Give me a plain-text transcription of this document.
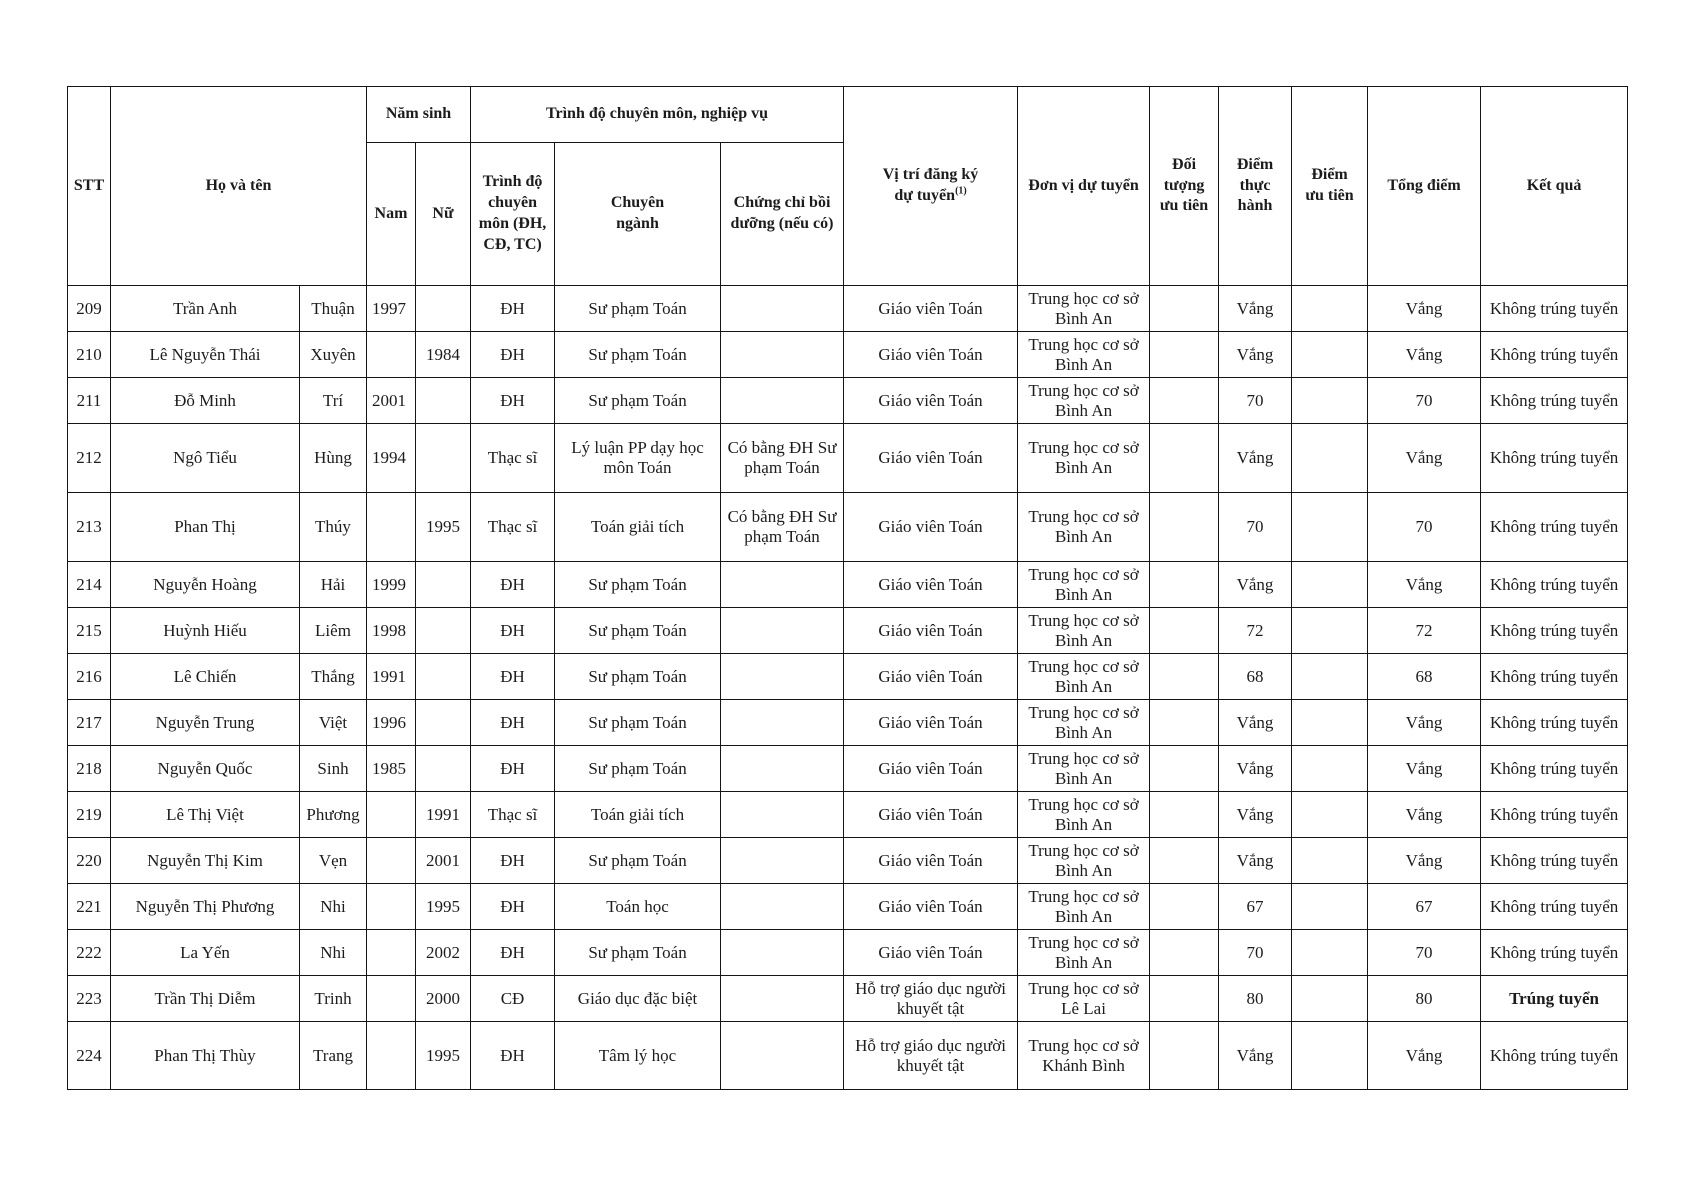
STT	Họ và tên		Năm sinh		Trình độ chuyên môn, nghiệp vụ			Vị trí đăng ký dự tuyển$^{(1)}$	Đơn vị dự tuyển	Đối tượng ưu tiên	Điểm thực hành	Điểm ưu tiên	Tổng điểm	Kết quả
			Nam	Nữ	Trình độ chuyên môn (ĐH, CĐ, TC)	Chuyên ngành	Chứng chỉ bồi dưỡng (nếu có)							
209	Trần Anh	Thuận	1997		ĐH	Sư phạm Toán		Giáo viên Toán	Trung học cơ sở Bình An		Vắng		Vắng	Không trúng tuyển
210	Lê Nguyễn Thái	Xuyên		1984	ĐH	Sư phạm Toán		Giáo viên Toán	Trung học cơ sở Bình An		Vắng		Vắng	Không trúng tuyển
211	Đỗ Minh	Trí	2001		ĐH	Sư phạm Toán		Giáo viên Toán	Trung học cơ sở Bình An		70		70	Không trúng tuyển
212	Ngô Tiểu	Hùng	1994		Thạc sĩ	Lý luận PP dạy học môn Toán	Có bằng ĐH Sư phạm Toán	Giáo viên Toán	Trung học cơ sở Bình An		Vắng		Vắng	Không trúng tuyển
213	Phan Thị	Thúy		1995	Thạc sĩ	Toán giải tích	Có bằng ĐH Sư phạm Toán	Giáo viên Toán	Trung học cơ sở Bình An		70		70	Không trúng tuyển
214	Nguyễn Hoàng	Hải	1999		ĐH	Sư phạm Toán		Giáo viên Toán	Trung học cơ sở Bình An		Vắng		Vắng	Không trúng tuyển
215	Huỳnh Hiếu	Liêm	1998		ĐH	Sư phạm Toán		Giáo viên Toán	Trung học cơ sở Bình An		72		72	Không trúng tuyển
216	Lê Chiến	Thắng	1991		ĐH	Sư phạm Toán		Giáo viên Toán	Trung học cơ sở Bình An		68		68	Không trúng tuyển
217	Nguyễn Trung	Việt	1996		ĐH	Sư phạm Toán		Giáo viên Toán	Trung học cơ sở Bình An		Vắng		Vắng	Không trúng tuyển
218	Nguyễn Quốc	Sinh	1985		ĐH	Sư phạm Toán		Giáo viên Toán	Trung học cơ sở Bình An		Vắng		Vắng	Không trúng tuyển
219	Lê Thị Việt	Phương		1991	Thạc sĩ	Toán giải tích		Giáo viên Toán	Trung học cơ sở Bình An		Vắng		Vắng	Không trúng tuyển
220	Nguyễn Thị Kim	Vẹn		2001	ĐH	Sư phạm Toán		Giáo viên Toán	Trung học cơ sở Bình An		Vắng		Vắng	Không trúng tuyển
221	Nguyễn Thị Phương	Nhi		1995	ĐH	Toán học		Giáo viên Toán	Trung học cơ sở Bình An		67		67	Không trúng tuyển
222	La Yến	Nhi		2002	ĐH	Sư phạm Toán		Giáo viên Toán	Trung học cơ sở Bình An		70		70	Không trúng tuyển
223	Trần Thị Diễm	Trinh		2000	CĐ	Giáo dục đặc biệt		Hỗ trợ giáo dục người khuyết tật	Trung học cơ sở Lê Lai		80		80	Trúng tuyển
224	Phan Thị Thùy	Trang		1995	ĐH	Tâm lý học		Hỗ trợ giáo dục người khuyết tật	Trung học cơ sở Khánh Bình		Vắng		Vắng	Không trúng tuyển
